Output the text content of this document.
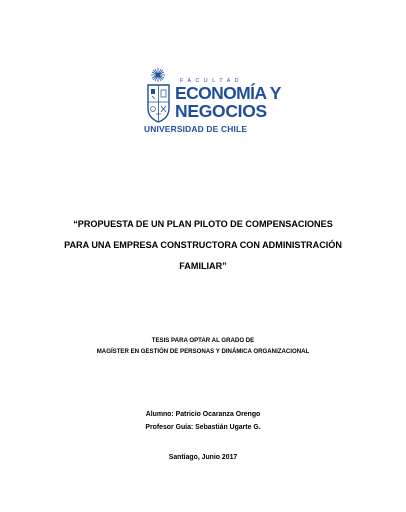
FACULTAD
ECONOMÍA Y
NEGOCIOS
UNIVERSIDAD DE CHILE
“PROPUESTA DE UN PLAN PILOTO DE COMPENSACIONES
PARA UNA EMPRESA CONSTRUCTORA CON ADMINISTRACIÓN
FAMILIAR”
TESIS PARA OPTAR AL GRADO DE
MAGÍSTER EN GESTIÓN DE PERSONAS Y DINÁMICA ORGANIZACIONAL
Alumno: Patricio Ocaranza Orengo
Profesor Guía: Sebastián Ugarte G.
Santiago, Junio 2017
